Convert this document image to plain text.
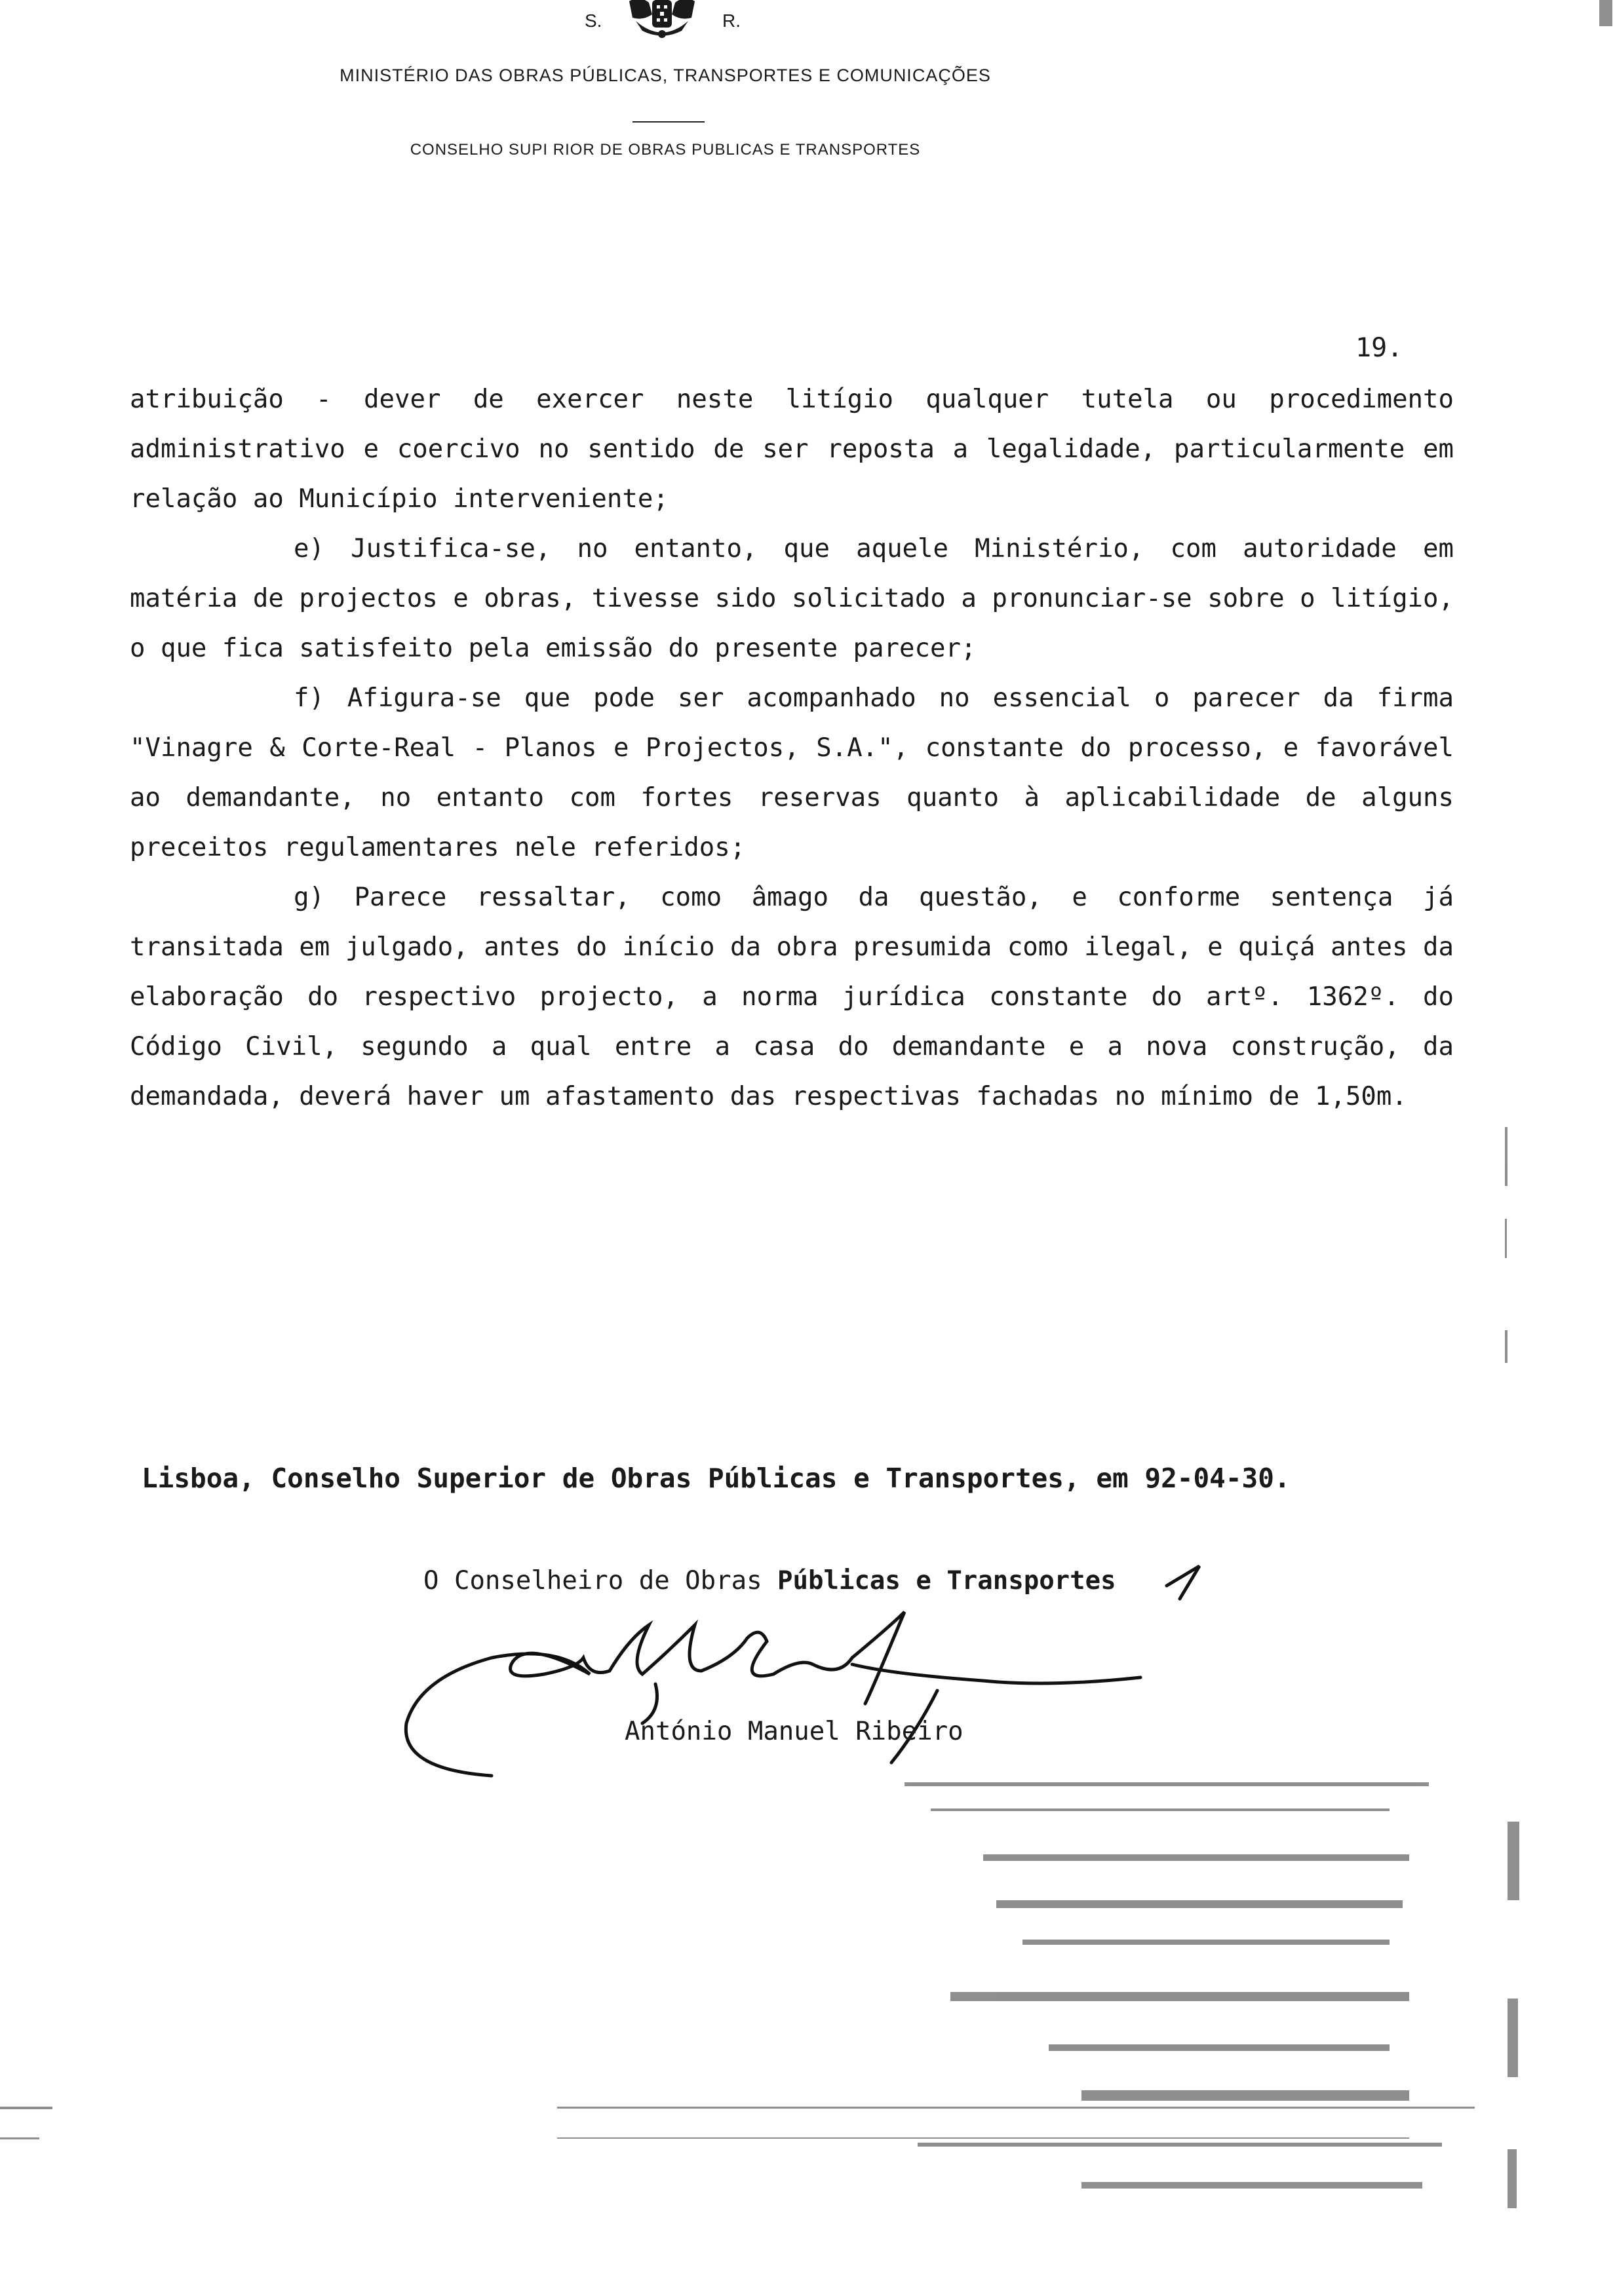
S.	R.
MINISTÉRIO DAS OBRAS PÚBLICAS, TRANSPORTES E COMUNICAÇÕES
CONSELHO SUPI RIOR DE OBRAS PUBLICAS E TRANSPORTES
19.

atribuição - dever de exercer neste litígio qualquer tutela ou procedimento administrativo e coercivo no sentido de ser reposta a legalidade, particularmente em relação ao Município interveniente;

e) Justifica-se, no entanto, que aquele Ministério, com autoridade em matéria de projectos e obras, tivesse sido solicitado a pronunciar-se sobre o litígio, o que fica satisfeito pela emissão do presente parecer;

f) Afigura-se que pode ser acompanhado no essencial o parecer da firma "Vinagre & Corte-Real - Planos e Projectos, S.A.", constante do processo, e favorável ao demandante, no entanto com fortes reservas quanto à aplicabilidade de alguns preceitos regulamentares nele referidos;

g) Parece ressaltar, como âmago da questão, e conforme sentença já transitada em julgado, antes do início da obra presumida como ilegal, e quiçá antes da elaboração do respectivo projecto, a norma jurídica constante do artº. 1362º. do Código Civil, segundo a qual entre a casa do demandante e a nova construção, da demandada, deverá haver um afastamento das respectivas fachadas no mínimo de 1,50m.

Lisboa, Conselho Superior de Obras Públicas e Transportes, em 92-04-30.
O Conselheiro de Obras Públicas e Transportes
António Manuel Ribeiro
